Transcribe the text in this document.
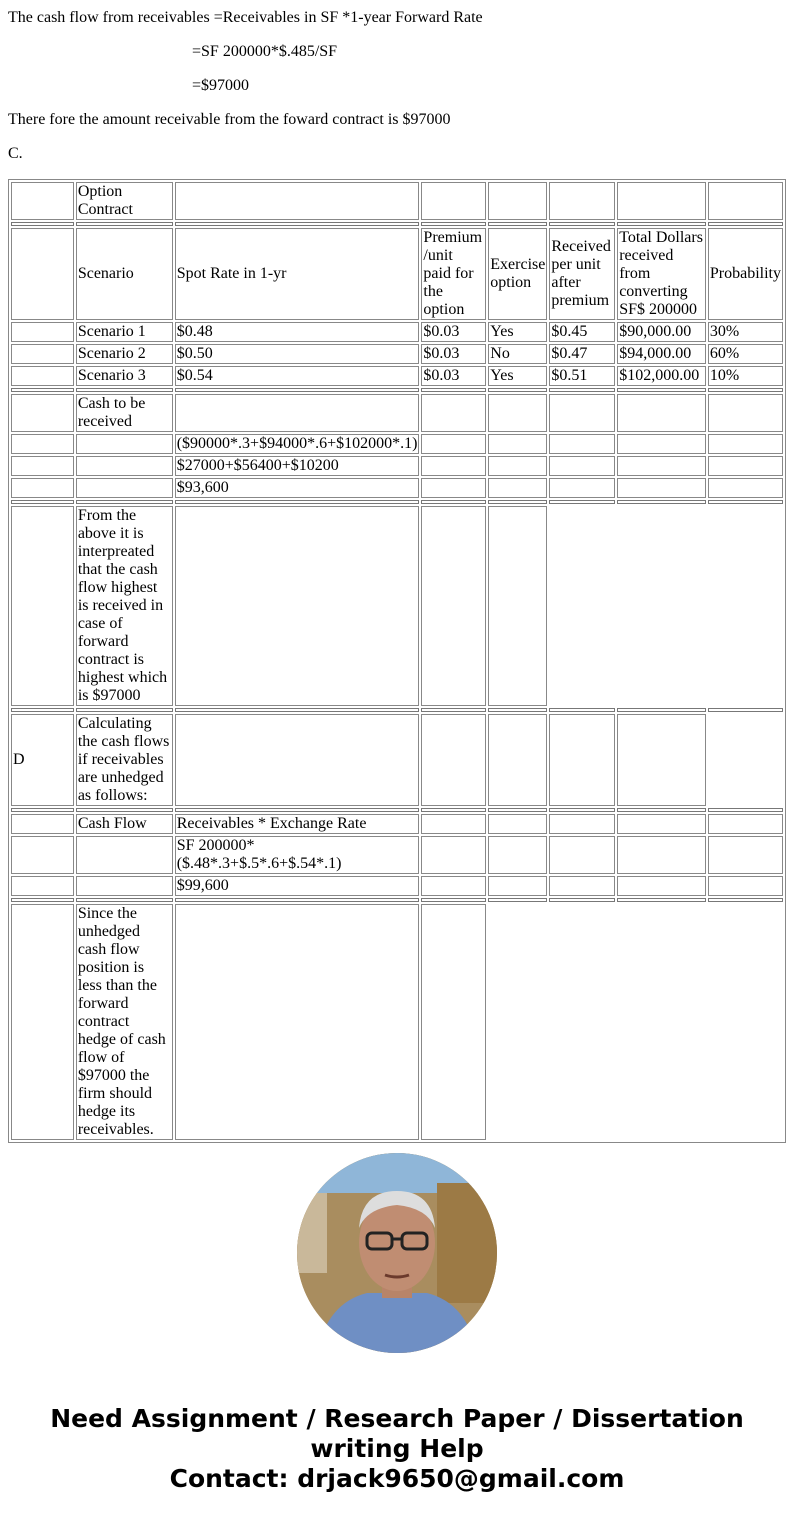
The cash flow from receivables =Receivables in SF *1-year Forward Rate

=SF 200000*$.485/SF

=$97000

There fore the amount receivable from the foward contract is $97000

C.

	Option Contract						

	Scenario	Spot Rate in 1-yr	Premium /unit paid for the option	Exercise option	Received per unit after premium	Total Dollars received from converting SF$ 200000	Probability
	Scenario 1	$0.48	$0.03	Yes	$0.45	$90,000.00	30%
	Scenario 2	$0.50	$0.03	No	$0.47	$94,000.00	60%
	Scenario 3	$0.54	$0.03	Yes	$0.51	$102,000.00	10%

	Cash to be received						
		($90000*.3+$94000*.6+$102000*.1)					
		$27000+$56400+$10200					
		$93,600					

	From the above it is interpreated that the cash flow highest is received in case of forward contract is highest which is $97000						

D	Calculating the cash flows if receivables are unhedged as follows:						

	Cash Flow	Receivables * Exchange Rate					
		SF 200000* ($.48*.3+$.5*.6+$.54*.1)					
		$99,600					

	Since the unhedged cash flow position is less than the forward contract hedge of cash flow of $97000 the firm should hedge its receivables.						
Need Assignment / Research Paper / Dissertation
writing Help
Contact: drjack9650@gmail.com
